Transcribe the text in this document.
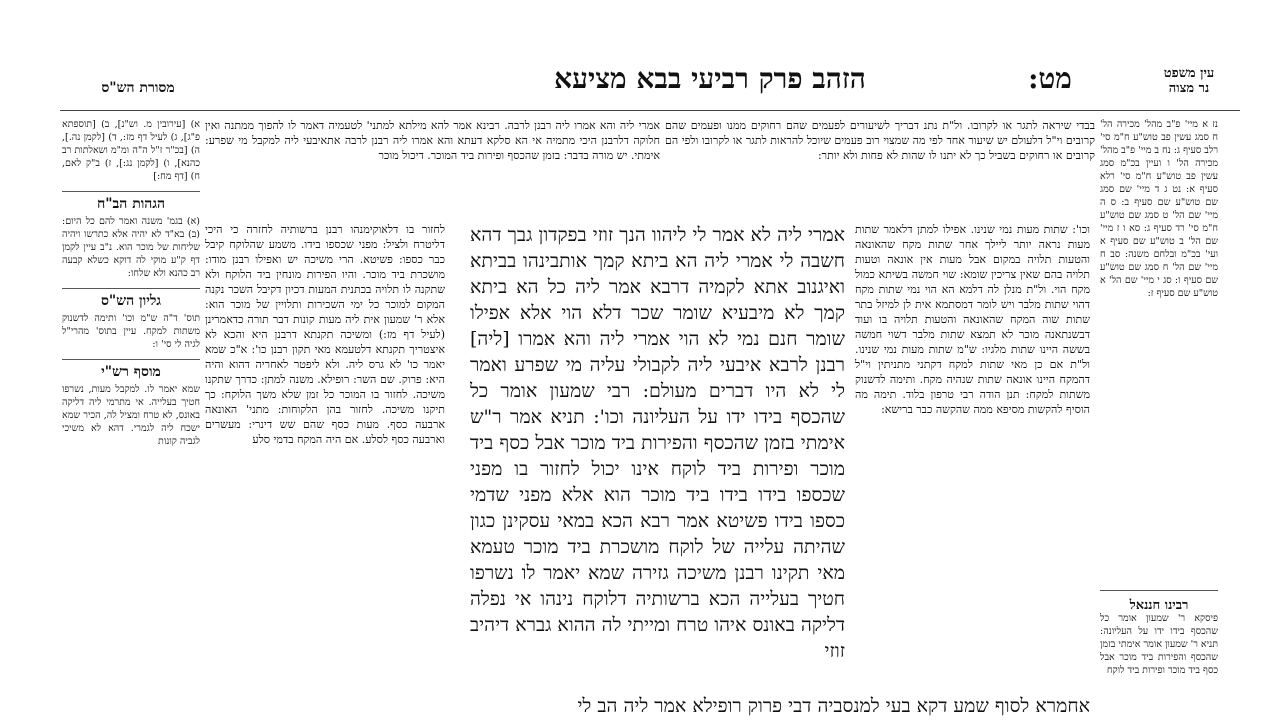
הזהב פרק רביעי בבא מציעא	מט:	עין משפט
נר מצוה
מסורת הש"ס

בבדי שיראה לתגר או לקרובו. ול"ת נתנ דבריך לשיעורים לפעמים שהם רחוקים ממנו ופעמים שהם קרובים וי"ל דלעולם יש שיעור אחד לפי מה שמצוי רוב פעמים שיוכל להראות לתגר או לקרובו ולפי הם קרובים או רחוקים בשביל כך לא יתנו לו שהות לא פחות ולא יותר:

אמרי ליה והא אמרו ליה רבנן לרבה. רבינא אמר להא מילתא למתני' לטעמיה דאמר לו להפוך ממתנה ואין חלוקה דלרבנן היכי מתמיה אי הא סלקא דעתא והא אמרו ליה רבנן לרבה אתאיבעי ליה למקבל מי שפרע: אימתי. יש מורה בדבר: בזמן שהכסף ופירות ביד המוכר. דיכול מוכר

אמרי ליה לא אמר לי ליהוו הנך זוזי בפקדון גבך דהא חשבה לי אמרי ליה הא ביתא קמך אותבינהו בביתא ואיגנוב אתא לקמיה דרבא אמר ליה כל הא ביתא קמך לא מיבעיא שומר שכר דלא הוי אלא אפילו שומר חנם נמי לא הוי אמרי ליה והא אמרו [ליה] רבנן לרבא איבעי ליה לקבולי עליה מי שפרע ואמר לי לא היו דברים מעולם: רבי שמעון אומר כל שהכסף בידו ידו על העליונה וכו': תניא אמר ר"ש אימתי בזמן שהכסף והפירות ביד מוכר אבל כסף ביד מוכר ופירות ביד לוקח אינו יכול לחזור בו מפני שכספו בידו בידו ביד מוכר הוא אלא מפני שדמי כספו בידו פשיטא אמר רבא הכא במאי עסקינן כגון שהיתה עלייה של לוקח מושכרת ביד מוכר טעמא מאי תקינו רבנן משיכה גזירה שמא יאמר לו נשרפו חטיך בעלייה הכא ברשותיה דלוקח נינהו אי נפלה דליקה באונס איהו טרח ומייתי לה ההוא גברא דיהיב זוזי

וכו': שתות מעות נמי שנינו. אפילו למתן דלאמר שתות מעות נראה יותר ליילך אחר שתות מקח שהאונאה והטעות תלויה במקום אבל מעות אין אונאה וטעות תלויה בהם שאין צריכין שומא: שוי חמשה בשיתא כמול מקח הוי. ול"ת מנלן לה דלמא הא הוי נמי שתות מקח דהוי שתות מלבר ויש לומר דמסתמא אית לן למיזל בתר שתות שוה המקח שהאונאה והטעות תלויה בו ועוד דבשנתאנה מוכר לא תמצא שתות מלבר דשוי חמשה בששה היינו שתות מלגיו: ש"מ שתות מעות נמי שנינו. ול"ת אם כן מאי שתות למקח דקתני מתניתין וי"ל דהמקח היינו אונאה שתות שנהיה מקח. ותימה לדשנוק משתות למקח: תנן הודה רבי טרפון בלוד. תימה מה הוסיף להקשות מסיפא ממה שהקשה כבר ברישא:

לחזור בו דלאוקימנהו רבנן ברשותיה לחזרה כי היכי דליטרח ולציל: מפני שכספו בידו. משמע שהלוקח קיבל כבר כספו: פשיטא. הרי משיכה יש ואפילו רבנן מודו: מושכרת ביד מוכר. והיו הפירות מונחין ביד הלוקח ולא שתקנה לו תלויה בכתנית המעות דכיון דקיבל השכר נקנה המקום למוכר כל ימי השכירות ותלויין של מוכר הוא: אלא ר' שמעון אית ליה מעות קונות דבר תורה כדאמרינן (לעיל דף מז:) ומשיכה תקנתא דרבנן היא והכא לא איצטריך תקנתא דלטעמא מאי תקון רבנן כו': א"כ שמא יאמר כו' לא גרס ליה. ולא ליפטר לאחריה דהוא והיה היא: פרוק. שם השר: רופילא. משנה למתן: כדרך שתקנו משיכה. לחזור בו המוכר כל זמן שלא משך הלוקח: כך תיקנו משיכה. לחזור בהן הלקוחות: מתני' האונאה ארבעה כסף. מעות כסף שהם שש דינרי: מעשרים וארבעה כסף לסלע. אם היה המקח בדמי סלע

נז א מיי' פ"ב מהל' מכירה הל' ח סמג עשין פב טוש"ע ח"מ סי' רלב סעיף ג: נח ב מיי' פ"ב מהל' מכירה הל' ו ועיין בכ"מ סמג עשין פב טוש"ע ח"מ סי' רלא סעיף א: נט ג ד מיי' שם סמג שם טוש"ע שם סעיף ב: ס ה מיי' שם הל' ט סמג שם טוש"ע ח"מ סי' רד סעיף ג: סא ו ז מיי' שם הל' ב טוש"ע שם סעיף א ועי' בכ"מ ובלחם משנה: סב ח מיי' שם הל' ח סמג שם טוש"ע שם סעיף ו: סג י מיי' שם הל' א טוש"ע שם סעיף ז:

רבינו חננאל
פיסקא ר' שמעון אומר כל שהכסף בידו ידו על העליונה: תניא ר' שמעון אומר אימתי בזמן שהכסף והפירות ביד מוכר אבל כסף ביד מוכר ופירות ביד לוקח

א) [עירובין מ. וש"נ], ב) [תוספתא פ"ג], ג) לעיל דף מז:, ד) [לקמן נה.], ה) [בכ"ר ז"ל ה"ה ומ"מ ושאלתות רב כהנא], ו) [לקמן נג:], ז) ב"ק לאם, ח) [דף מח:]

הגהות הב"ח

(א) בגמ' משנה ואמר להם כל היום: (ב) בא"ד לא יהיה אלא כתרשו ויהיה שליחות של מוכר הוא. נ"ב עיין לקמן דף ק"ע מוקי לה דוקא כשלא קבעה רב כהנא ולא שלחו:

גליון הש"ס

תוס' ד"ה ש"מ וכו' ותימה לדשנוק משתות למקח. עיין בתוס' מהרי"ל לגיה לי סי' ו:

מוסף רש"י

שמא יאמר לו. למקבל מעות, נשרפו חטיך בעלייה. אי מתרמי ליה דליקה באונס, לא טרח ומציל לה, הכיר שמא ישכח ליה לגמרי. דהא לא משיכי לגביה קונות

אחמרא לסוף שמע דקא בעי למנסביה דבי פרוק רופילא אמר ליה הב לי
